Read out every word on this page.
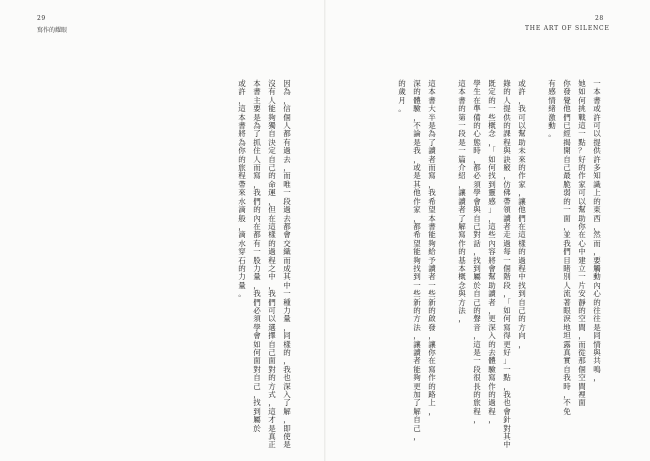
29
寫作的耀眼
因
為
，
信
個
人
都
有
過
去
，
而
唯
一
段
過
去
都
會
交
織
而
成
其
中
一
種
力
量
，
同
樣
的
，
我
也
深
入
了
解
，
即
使
是
沒
有
人
能
夠
獨
自
決
定
自
己
的
命
運
，
但
在
這
樣
的
過
程
之
中
，
我
們
可
以
選
擇
自
己
面
對
的
方
式
，
這
才
是
真
正
本
書
主
要
是
為
了
抓
住
人
而
寫
，
我
們
的
內
在
都
有
一
股
力
量
，
我
們
必
須
學
會
如
何
面
對
自
己
，
找
到
屬
於
或
許
，
這
本
書
將
為
你
的
旅
程
帶
來
水
滴
般
，
滴
水
穿
石
的
力
量
。
28
THE ART OF SILENCE
一
本
書
或
許
可
以
提
供
許
多
知
識
上
的
東
西
，
然
而
，
要
觸
動
內
心
的
往
往
是
同
情
與
共
鳴
，
她
如
何
挑
戰
這
一
點
？
好
的
作
家
可
以
幫
助
你
在
心
中
建
立
一
片
安
靜
的
空
間
，
而
從
那
個
空
間
裡
面
你
發
覺
他
們
已
經
揭
開
自
己
最
脆
弱
的
一
面
，
並
我
們
目
睹
別
人
流
著
眼
淚
地
坦
露
真
實
自
我
時
，
不
免
有
感
情
緒
激
動
。
或
許
，
我
可
以
幫
助
未
來
的
作
家
，
讓
他
們
在
這
樣
的
過
程
中
找
到
自
己
的
方
向
，
錄
的
人
提
供
的
課
程
與
訣
竅
，
仿
佛
帶
領
讀
者
走
過
每
一
個
階
段
，
「
如
何
寫
得
更
好
」
一
點
，
我
也
會
針
對
其
中
既
定
的
一
些
概
念
，
「
如
何
找
到
靈
感
」
，
這
些
內
容
將
會
幫
助
讀
者
，
更
深
入
的
去
體
驗
寫
作
的
過
程
，
學
生
在
準
備
的
心
態
時
，
都
必
須
學
會
與
自
己
對
話
，
找
到
屬
於
自
己
的
聲
音
，
這
是
一
段
很
長
的
旅
程
，
這
本
書
的
第
一
段
是
一
篇
介
紹
，
讓
讀
者
了
解
寫
作
的
基
本
概
念
與
方
法
，
這
本
書
大
半
是
為
了
讀
者
而
寫
，
我
希
望
本
書
能
夠
給
予
讀
者
一
些
新
的
啟
發
，
讓
你
在
寫
作
的
路
上
，
深
的
體
驗
，
不
論
是
我
，
或
是
其
他
作
家
，
都
希
望
能
夠
找
到
一
些
新
的
方
法
，
讓
讀
者
能
夠
更
加
了
解
自
己
，
的
歲
月
。
